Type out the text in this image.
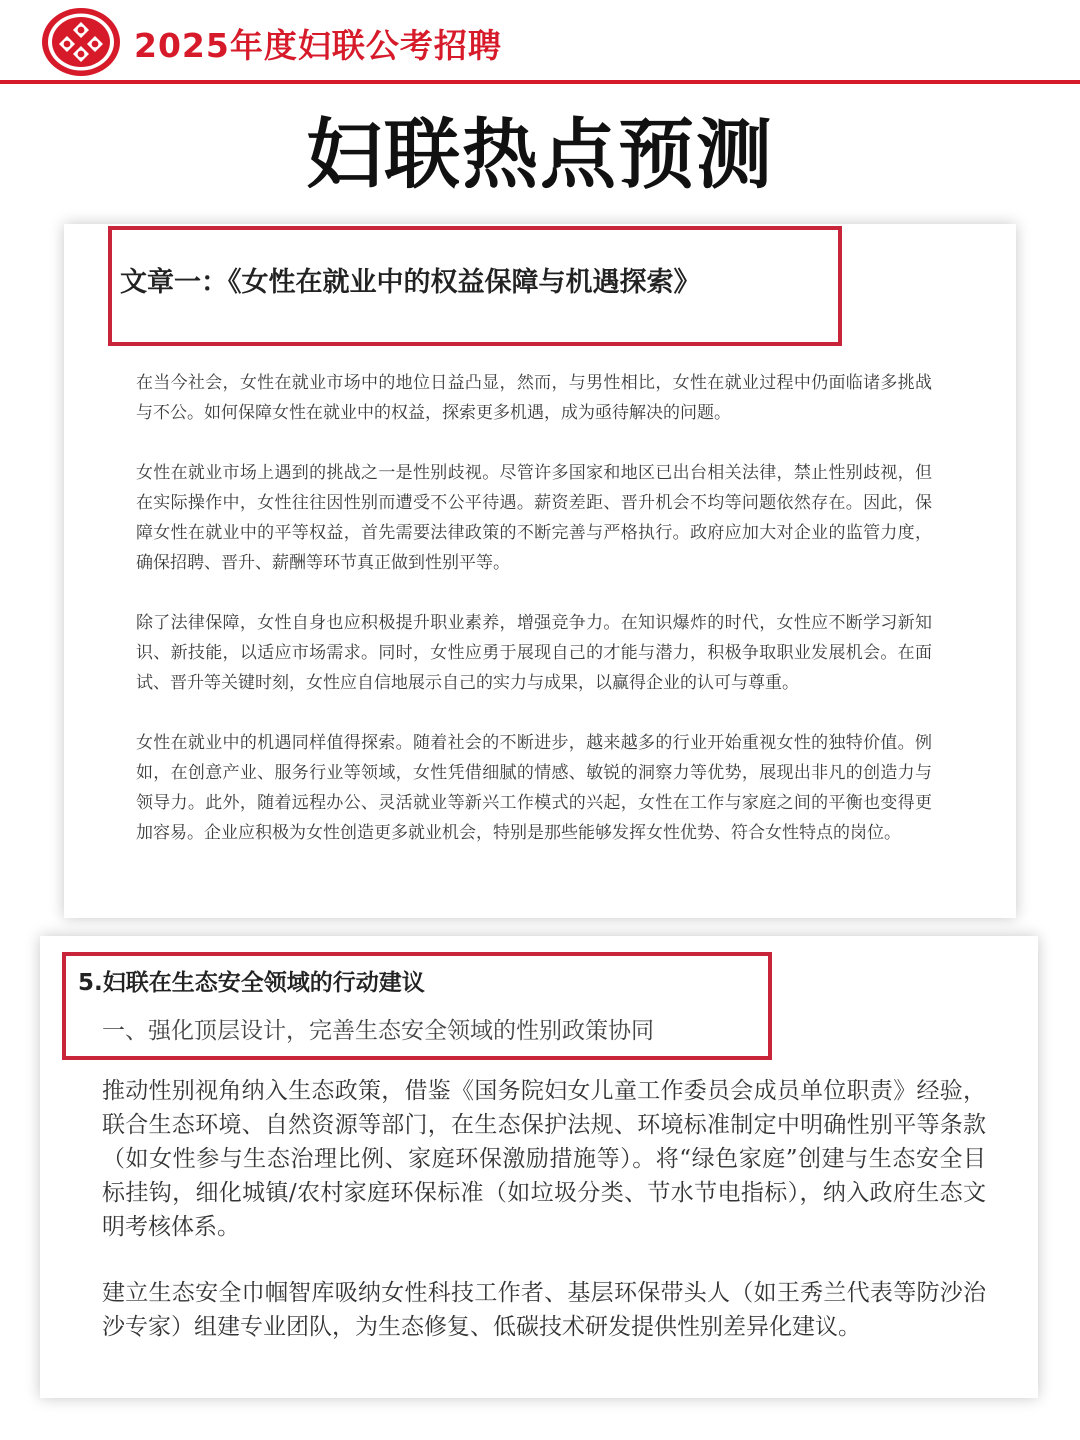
2025年度妇联公考招聘
妇联热点预测
文章一：《女性在就业中的权益保障与机遇探索》

在当今社会，女性在就业市场中的地位日益凸显，然而，与男性相比，女性在就业过程中仍面临诸多挑战与不公。如何保障女性在就业中的权益，探索更多机遇，成为亟待解决的问题。

女性在就业市场上遇到的挑战之一是性别歧视。尽管许多国家和地区已出台相关法律，禁止性别歧视，但在实际操作中，女性往往因性别而遭受不公平待遇。薪资差距、晋升机会不均等问题依然存在。因此，保障女性在就业中的平等权益，首先需要法律政策的不断完善与严格执行。政府应加大对企业的监管力度，确保招聘、晋升、薪酬等环节真正做到性别平等。

除了法律保障，女性自身也应积极提升职业素养，增强竞争力。在知识爆炸的时代，女性应不断学习新知识、新技能，以适应市场需求。同时，女性应勇于展现自己的才能与潜力，积极争取职业发展机会。在面试、晋升等关键时刻，女性应自信地展示自己的实力与成果，以赢得企业的认可与尊重。

女性在就业中的机遇同样值得探索。随着社会的不断进步，越来越多的行业开始重视女性的独特价值。例如，在创意产业、服务行业等领域，女性凭借细腻的情感、敏锐的洞察力等优势，展现出非凡的创造力与领导力。此外，随着远程办公、灵活就业等新兴工作模式的兴起，女性在工作与家庭之间的平衡也变得更加容易。企业应积极为女性创造更多就业机会，特别是那些能够发挥女性优势、符合女性特点的岗位。

5.妇联在生态安全领域的行动建议
一、强化顶层设计，完善生态安全领域的性别政策协同

推动性别视角纳入生态政策，借鉴《国务院妇女儿童工作委员会成员单位职责》经验，联合生态环境、自然资源等部门，在生态保护法规、环境标准制定中明确性别平等条款（如女性参与生态治理比例、家庭环保激励措施等）。将“绿色家庭”创建与生态安全目标挂钩，细化城镇/农村家庭环保标准（如垃圾分类、节水节电指标），纳入政府生态文明考核体系。

建立生态安全巾帼智库吸纳女性科技工作者、基层环保带头人（如王秀兰代表等防沙治沙专家）组建专业团队，为生态修复、低碳技术研发提供性别差异化建议。
